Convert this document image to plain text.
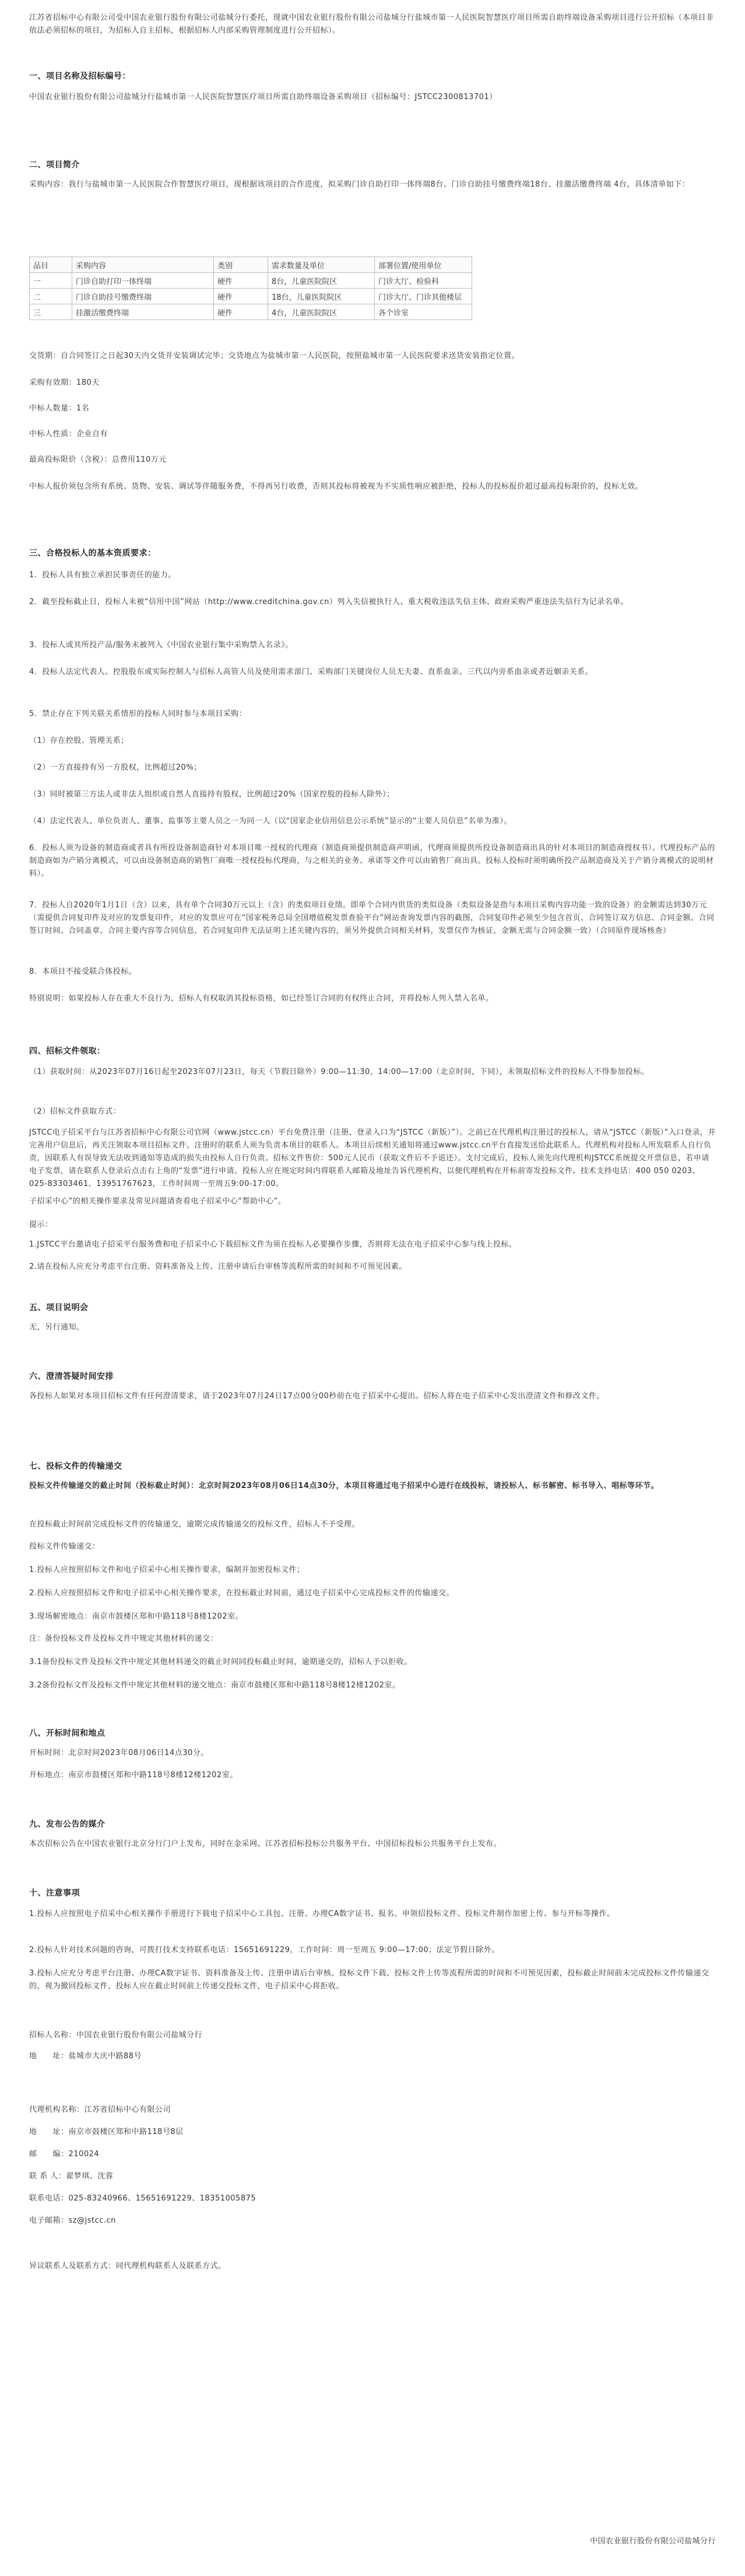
江苏省招标中心有限公司受中国农业银行股份有限公司盐城分行委托，现就中国农业银行股份有限公司盐城分行盐城市第一人民医院智慧医疗项目所需自助终端设备采购项目进行公开招标（本项目非依法必须招标的项目，为招标人自主招标，根据招标人内部采购管理制度进行公开招标）。

一、项目名称及招标编号：

中国农业银行股份有限公司盐城分行盐城市第一人民医院智慧医疗项目所需自助终端设备采购项目（招标编号：JSTCC2300813701）

二、项目简介

采购内容：我行与盐城市第一人民医院合作智慧医疗项目，现根据该项目的合作进度，拟采购门诊自助打印一体终端8台、门诊自助挂号缴费终端18台、挂激活缴费终端 4台，具体清单如下：

品目	采购内容	类别	需求数量及单位	部署位置/使用单位
一	门诊自助打印一体终端	硬件	8台，儿童医院院区	门诊大厅、检验科
二	门诊自助挂号缴费终端	硬件	18台，儿童医院院区	门诊大厅、门诊其他楼层
三	挂激活缴费终端	硬件	4台，儿童医院院区	各个诊室

交货期：自合同签订之日起30天内交货并安装调试完毕；交货地点为盐城市第一人民医院，按照盐城市第一人民医院要求送货安装指定位置。

采购有效期：180天

中标人数量：1名

中标人性质：企业自有

最高投标限价（含税）：总费用110万元

中标人报价须包含所有系统、货物、安装、调试等伴随服务费，不得再另行收费，否则其投标将被视为不实质性响应被拒绝，投标人的投标报价超过最高投标限价的，投标无效。

三、合格投标人的基本资质要求：

1．投标人具有独立承担民事责任的能力。

2．截至投标截止日，投标人未被“信用中国”网站（http://www.creditchina.gov.cn）列入失信被执行人、重大税收违法失信主体、政府采购严重违法失信行为记录名单。

3．投标人或其所投产品/服务未被列入《中国农业银行集中采购禁入名录》。

4．投标人法定代表人、控股股东或实际控制人与招标人高管人员及使用需求部门、采购部门关键岗位人员无夫妻、直系血亲、三代以内旁系血亲或者近姻亲关系。

5．禁止存在下列关联关系情形的投标人同时参与本项目采购：

（1）存在控股、管理关系；

（2）一方直接持有另一方股权，比例超过20%；

（3）同时被第三方法人或非法人组织或自然人直接持有股权，比例超过20%（国家控股的投标人除外）；

（4）法定代表人、单位负责人、董事、监事等主要人员之一为同一人（以“国家企业信用信息公示系统”显示的“主要人员信息”名单为准）。

6．投标人须为设备的制造商或者具有所投设备制造商针对本项目唯一授权的代理商（制造商须提供制造商声明函，代理商须提供所投设备制造商出具的针对本项目的制造商授权书）。代理投标产品的制造商如为产销分离模式，可以由设备制造商的销售厂商唯一授权投标代理商，与之相关的业务、承诺等文件可以由销售厂商出具。投标人投标时须明确所投产品制造商及关于产销分离模式的说明材料）。

7．投标人自2020年1月1日（含）以来，具有单个合同30万元以上（含）的类似项目业绩。即单个合同内供货的类似设备（类似设备是指与本项目采购内容功能一致的设备）的金额需达到30万元（需提供合同复印件及对应的发票复印件，对应的发票应可在“国家税务总局全国增值税发票查验平台”网站查询发票内容的截图，合同复印件必须至少包含首页、合同签订双方信息、合同金额、合同签订时间、合同盖章、合同主要内容等合同信息，若合同复印件无法证明上述关键内容的，须另外提供合同相关材料，发票仅作为核证，金额无需与合同金额一致）（合同原件现场核查）

8．本项目不接受联合体投标。

特别说明：如果投标人存在重大不良行为，招标人有权取消其投标资格，如已经签订合同的有权终止合同，并将投标人列入禁入名单。

四、招标文件领取：

（1）获取时间：从2023年07月16日起至2023年07月23日，每天（节假日除外）9:00—11:30，14:00—17:00（北京时间，下同），未领取招标文件的投标人不得参加投标。

（2）招标文件获取方式：

JSTCC电子招采平台与江苏省招标中心有限公司官网（www.jstcc.cn）平台免费注册（注册、登录入口为“JSTCC（新版）”）。之前已在代理机构注册过的投标人，请从“JSTCC（新版）”入口登录，并完善用户信息后，再关注领取本项目招标文件。注册时的联系人须为负责本项目的联系人。本项目后续相关通知将通过www.jstcc.cn平台直接发送给此联系人。代理机构对投标人所发联系人自行负责，因联系人有误导致无法收到通知等造成的损失由投标人自行负责。招标文件售价：500元人民币（获取文件后不予退还）。支付完成后，投标人须先向代理机构JSTCC系统提交开票信息，若申请电子发票，请在联系人登录后点击右上角的“发票”进行申请。投标人应在规定时间内将联系人邮箱及地址告诉代理机构，以便代理机构在开标前寄发投标文件、技术支持电话：400 050 0203、025-83303461、13951767623，工作时间周一至周五9:00-17:00。

子招采中心”的相关操作要求及常见问题请查看电子招采中心“帮助中心”。

提示：

1.JSTCC平台邀请电子招采平台服务费和电子招采中心下载招标文件为须在投标人必要操作步骤，否则将无法在电子招采中心参与线上投标。

2.请在投标人应充分考虑平台注册、资料准备及上传、注册申请后台审核等流程所需的时间和不可预见因素。

五、项目说明会

无，另行通知。

六、澄清答疑时间安排

各投标人如果对本项目招标文件有任何澄清要求，请于2023年07月24日17点00分00秒前在电子招采中心提出。招标人将在电子招采中心发出澄清文件和修改文件。

七、投标文件的传输递交

投标文件传输递交的截止时间（投标截止时间）：北京时间2023年08月06日14点30分，本项目将通过电子招采中心进行在线投标，请投标人、标书解密、标书导入、唱标等环节。

在投标截止时间前完成投标文件的传输递交，逾期完成传输递交的投标文件，招标人不予受理。

投标文件传输递交：

1.投标人应按照招标文件和电子招采中心相关操作要求，编制并加密投标文件；

2.投标人应按照招标文件和电子招采中心相关操作要求，在投标截止时间前，通过电子招采中心完成投标文件的传输递交。

3.现场解密地点：南京市鼓楼区郑和中路118号8楼1202室。

注：备份投标文件及投标文件中规定其他材料的递交：

3.1备份投标文件及投标文件中规定其他材料递交的截止时间同投标截止时间，逾期递交的，招标人予以拒收。

3.2备份投标文件及投标文件中规定其他材料的递交地点：南京市鼓楼区郑和中路118号8楼12楼1202室。

八、开标时间和地点

开标时间：北京时间2023年08月06日14点30分。

开标地点：南京市鼓楼区郑和中路118号8楼12楼1202室。

九、发布公告的媒介

本次招标公告在中国农业银行北京分行门户上发布，同时在金采网、江苏省招标投标公共服务平台、中国招标投标公共服务平台上发布。

十、注意事项

1.投标人应按照电子招采中心相关操作手册进行下载电子招采中心工具包、注册、办理CA数字证书、报名、申领招投标文件、投标文件制作加密上传、参与开标等操作。

2.投标人针对技术问题的咨询，可拨打技术支持联系电话：15651691229，工作时间：周一至周五 9:00—17:00；法定节假日除外。

3.投标人应充分考虑平台注册、办理CA数字证书、资料准备及上传、注册申请后台审核、投标文件下载、投标文件上传等流程所需的时间和不可预见因素，投标截止时间前未完成投标文件传输递交的，视为撤回投标文件，投标人应在截止时间前上传递交投标文件，电子招采中心将拒收。

招标人名称：中国农业银行股份有限公司盐城分行

地　　址：盐城市大庆中路88号

代理机构名称：江苏省招标中心有限公司

地　　址：南京市鼓楼区郑和中路118号8层

邮　　编：210024

联 系 人：翟梦琪、沈蓉

联系电话：025-83240966、15651691229、18351005875

电子邮箱：sz@jstcc.cn

异议联系人及联系方式：同代理机构联系人及联系方式。

中国农业银行股份有限公司盐城分行
